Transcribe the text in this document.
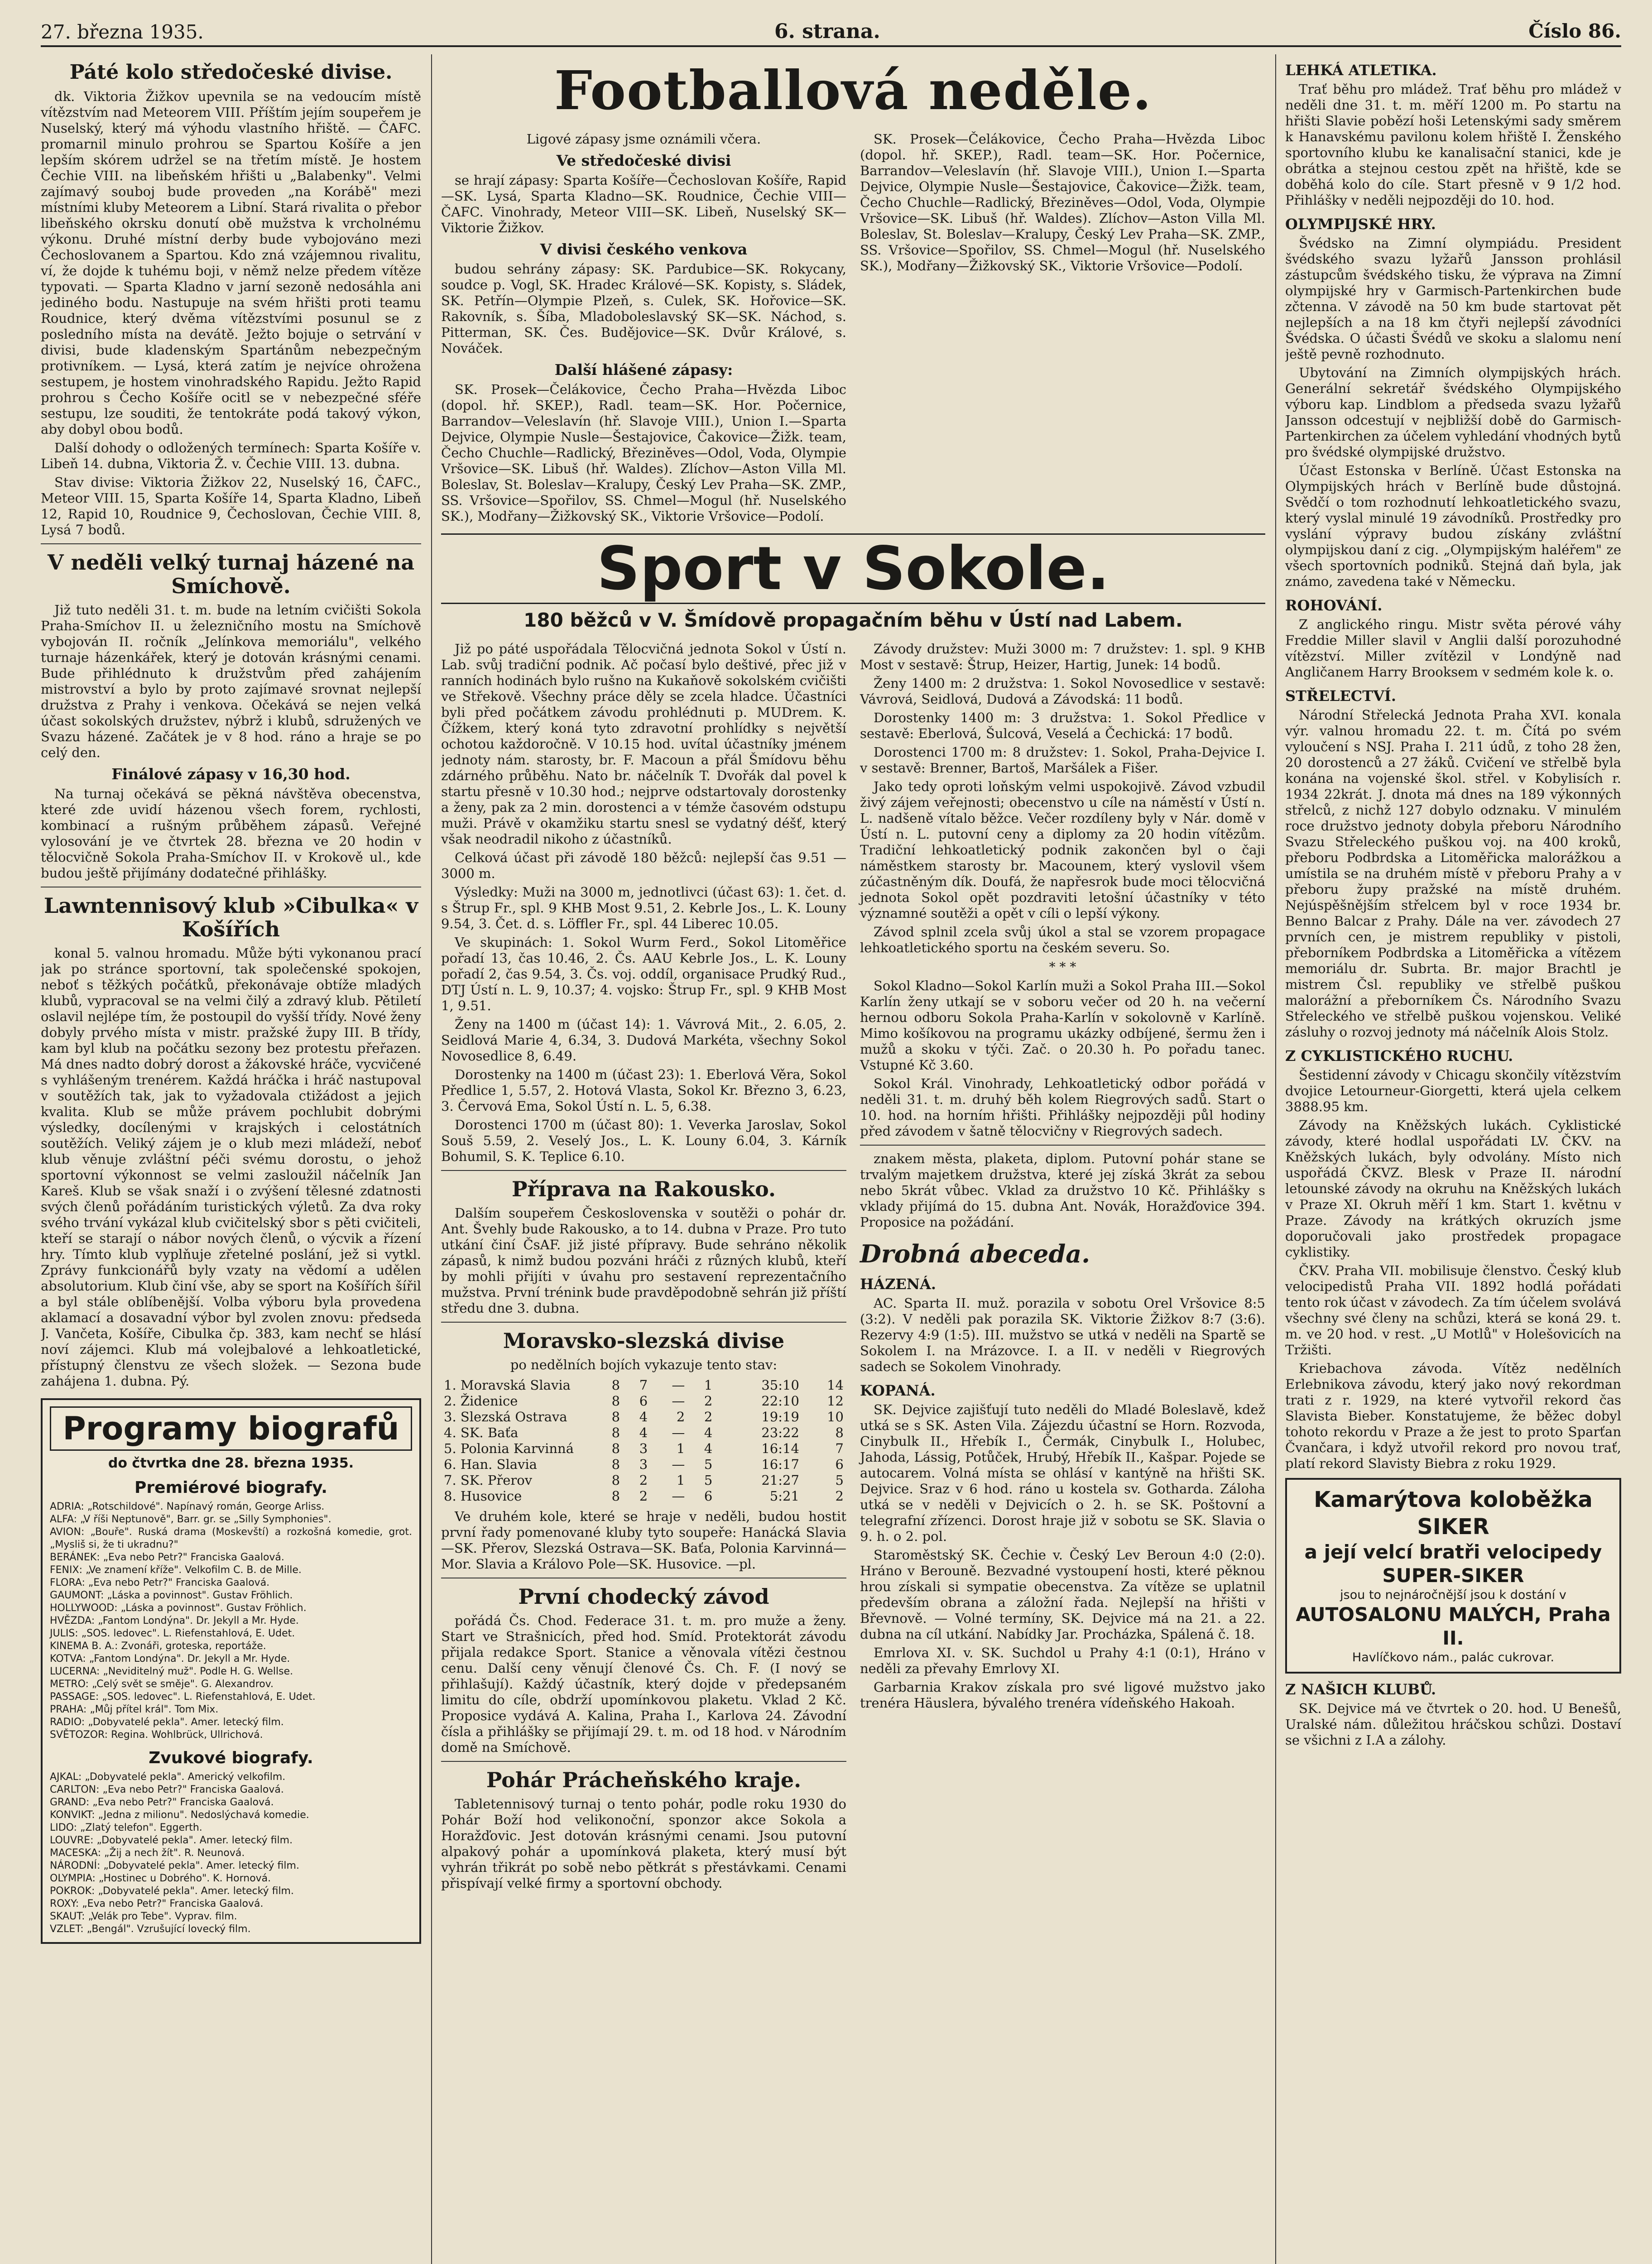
27. března 1935.	6. strana.	Číslo 86.
Páté kolo středočeské divise.

dk. Viktoria Žižkov upevnila se na vedoucím místě vítězstvím nad Meteorem VIII. Příštím jejím soupeřem je Nuselský, který má výhodu vlastního hřiště. — ČAFC. promarnil minulo prohrou se Spartou Košíře a jen lepším skórem udržel se na třetím místě. Je hostem Čechie VIII. na libeňském hřišti u „Balabenky". Velmi zajímavý souboj bude proveden „na Korábě" mezi místními kluby Meteorem a Libní. Stará rivalita o přebor libeňského okrsku donutí obě mužstva k vrcholnému výkonu. Druhé místní derby bude vybojováno mezi Čechoslovanem a Spartou. Kdo zná vzájemnou rivalitu, ví, že dojde k tuhému boji, v němž nelze předem vítěze typovati. — Sparta Kladno v jarní sezoně nedosáhla ani jediného bodu. Nastupuje na svém hřišti proti teamu Roudnice, který dvěma vítězstvími posunul se z posledního místa na devátě. Ježto bojuje o setrvání v divisi, bude kladenským Spartánům nebezpečným protivníkem. — Lysá, která zatím je nejvíce ohrožena sestupem, je hostem vinohradského Rapidu. Ježto Rapid prohrou s Čecho Košíře ocitl se v nebezpečné sféře sestupu, lze souditi, že tentokráte podá takový výkon, aby dobyl obou bodů.

Další dohody o odložených termínech: Sparta Košíře v. Libeň 14. dubna, Viktoria Ž. v. Čechie VIII. 13. dubna.

Stav divise: Viktoria Žižkov 22, Nuselský 16, ČAFC., Meteor VIII. 15, Sparta Košíře 14, Sparta Kladno, Libeň 12, Rapid 10, Roudnice 9, Čechoslovan, Čechie VIII. 8, Lysá 7 bodů.

V neděli velký turnaj házené na Smíchově.

Již tuto neděli 31. t. m. bude na letním cvičišti Sokola Praha-Smíchov II. u železničního mostu na Smíchově vybojován II. ročník „Jelínkova memoriálu", velkého turnaje házenkářek, který je dotován krásnými cenami. Bude přihlédnuto k družstvům před zahájením mistrovství a bylo by proto zajímavé srovnat nejlepší družstva z Prahy i venkova. Očekává se nejen velká účast sokolských družstev, nýbrž i klubů, sdružených ve Svazu házené. Začátek je v 8 hod. ráno a hraje se po celý den.

Finálové zápasy v 16,30 hod.

Na turnaj očekává se pěkná návštěva obecenstva, které zde uvidí házenou všech forem, rychlosti, kombinací a rušným průběhem zápasů. Veřejné vylosování je ve čtvrtek 28. března ve 20 hodin v tělocvičně Sokola Praha-Smíchov II. v Krokově ul., kde budou ještě přijímány dodatečné přihlášky.

Lawntennisový klub »Cibulka« v Košířích

konal 5. valnou hromadu. Může býti vykonanou prací jak po stránce sportovní, tak společenské spokojen, neboť s těžkých počátků, překonávaje obtíže mladých klubů, vypracoval se na velmi čilý a zdravý klub. Pětiletí oslavil nejlépe tím, že postoupil do vyšší třídy. Nové ženy dobyly prvého místa v mistr. pražské župy III. B třídy, kam byl klub na počátku sezony bez protestu přeřazen. Má dnes nadto dobrý dorost a žákovské hráče, vycvičené s vyhlášeným trenérem. Každá hráčka i hráč nastupoval v soutěžích tak, jak to vyžadovala ctižádost a jejich kvalita. Klub se může právem pochlubit dobrými výsledky, docílenými v krajských i celostátních soutěžích. Veliký zájem je o klub mezi mládeží, neboť klub věnuje zvláštní péči svému dorostu, o jehož sportovní výkonnost se velmi zasloužil náčelník Jan Kareš. Klub se však snaží i o zvýšení tělesné zdatnosti svých členů pořádáním turistických výletů. Za dva roky svého trvání vykázal klub cvičitelský sbor s pěti cvičiteli, kteří se starají o nábor nových členů, o výcvik a řízení hry. Tímto klub vyplňuje zřetelné poslání, jež si vytkl. Zprávy funkcionářů byly vzaty na vědomí a udělen absolutorium. Klub činí vše, aby se sport na Košířích šířil a byl stále oblíbenější. Volba výboru byla provedena aklamací a dosavadní výbor byl zvolen znovu: předseda J. Vančeta, Košíře, Cibulka čp. 383, kam nechť se hlásí noví zájemci. Klub má volejbalové a lehkoatletické, přístupný členstvu ze všech složek. — Sezona bude zahájena 1. dubna. Pý.

Programy biografů
do čtvrtka dne 28. března 1935.
Premiérové biografy.

ADRIA: „Rotschildové". Napínavý román, George Arliss.

ALFA: „V říši Neptunově", Barr. gr. se „Silly Symphonies".

AVION: „Bouře". Ruská drama (Moskevští) a rozkošná komedie, grot. „Mysliš si, že ti ukradnu?"

BERÁNEK: „Eva nebo Petr?" Franciska Gaalová.

FENIX: „Ve znamení kříže". Velkofilm C. B. de Mille.

FLORA: „Eva nebo Petr?" Franciska Gaalová.

GAUMONT: „Láska a povinnost". Gustav Fröhlich.

HOLLYWOOD: „Láska a povinnost". Gustav Fröhlich.

HVĚZDA: „Fantom Londýna". Dr. Jekyll a Mr. Hyde.

JULIS: „SOS. ledovec". L. Riefenstahlová, E. Udet.

KINEMA B. A.: Zvonáři, groteska, reportáže.

KOTVA: „Fantom Londýna". Dr. Jekyll a Mr. Hyde.

LUCERNA: „Neviditelný muž". Podle H. G. Wellse.

METRO: „Celý svět se směje". G. Alexandrov.

PASSAGE: „SOS. ledovec". L. Riefenstahlová, E. Udet.

PRAHA: „Můj přítel král". Tom Mix.

RADIO: „Dobyvatelé pekla". Amer. letecký film.

SVĚTOZOR: Regina. Wohlbrück, Ullrichová.

Zvukové biografy.

AJKAL: „Dobyvatelé pekla". Americký velkofilm.

CARLTON: „Eva nebo Petr?" Franciska Gaalová.

GRAND: „Eva nebo Petr?" Franciska Gaalová.

KONVIKT: „Jedna z milionu". Nedoslýchavá komedie.

LIDO: „Zlatý telefon". Eggerth.

LOUVRE: „Dobyvatelé pekla". Amer. letecký film.

MACESKA: „Žij a nech žít". R. Neunová.

NÁRODNÍ: „Dobyvatelé pekla". Amer. letecký film.

OLYMPIA: „Hostinec u Dobrého". K. Hornová.

POKROK: „Dobyvatelé pekla". Amer. letecký film.

ROXY: „Eva nebo Petr?" Franciska Gaalová.

SKAUT: „Velák pro Tebe". Vyprav. film.

VZLET: „Bengál". Vzrušující lovecký film.

Footballová neděle.

Ligové zápasy jsme oznámili včera.

Ve středočeské divisi

se hrají zápasy: Sparta Košíře—Čechoslovan Košíře, Rapid—SK. Lysá, Sparta Kladno—SK. Roudnice, Čechie VIII—ČAFC. Vinohrady, Meteor VIII—SK. Libeň, Nuselský SK—Viktorie Žižkov.

V divisi českého venkova

budou sehrány zápasy: SK. Pardubice—SK. Rokycany, soudce p. Vogl, SK. Hradec Králové—SK. Kopisty, s. Sládek, SK. Petřín—Olympie Plzeň, s. Culek, SK. Hořovice—SK. Rakovník, s. Šíba, Mladoboleslavský SK—SK. Náchod, s. Pitterman, SK. Čes. Budějovice—SK. Dvůr Králové, s. Nováček.

Další hlášené zápasy:

SK. Prosek—Čelákovice, Čecho Praha—Hvězda Liboc (dopol. hř. SKEP.), Radl. team—SK. Hor. Počernice, Barrandov—Veleslavín (hř. Slavoje VIII.), Union I.—Sparta Dejvice, Olympie Nusle—Šestajovice, Čakovice—Žižk. team, Čecho Chuchle—Radlický, Březiněves—Odol, Voda, Olympie Vršovice—SK. Libuš (hř. Waldes). Zlíchov—Aston Villa Ml. Boleslav, St. Boleslav—Kralupy, Český Lev Praha—SK. ZMP., SS. Vršovice—Spořilov, SS. Chmel—Mogul (hř. Nuselského SK.), Modřany—Žižkovský SK., Viktorie Vršovice—Podolí.

SK. Prosek—Čelákovice, Čecho Praha—Hvězda Liboc (dopol. hř. SKEP.), Radl. team—SK. Hor. Počernice, Barrandov—Veleslavín (hř. Slavoje VIII.), Union I.—Sparta Dejvice, Olympie Nusle—Šestajovice, Čakovice—Žižk. team, Čecho Chuchle—Radlický, Březiněves—Odol, Voda, Olympie Vršovice—SK. Libuš (hř. Waldes). Zlíchov—Aston Villa Ml. Boleslav, St. Boleslav—Kralupy, Český Lev Praha—SK. ZMP., SS. Vršovice—Spořilov, SS. Chmel—Mogul (hř. Nuselského SK.), Modřany—Žižkovský SK., Viktorie Vršovice—Podolí.

Sport v Sokole.
180 běžců v V. Šmídově propagačním běhu v Ústí nad Labem.

Již po páté uspořádala Tělocvičná jednota Sokol v Ústí n. Lab. svůj tradiční podnik. Ač počasí bylo deštivé, přec již v ranních hodinách bylo rušno na Kukaňově sokolském cvičišti ve Střekově. Všechny práce děly se zcela hladce. Účastníci byli před počátkem závodu prohlédnuti p. MUDrem. K. Čížkem, který koná tyto zdravotní prohlídky s největší ochotou každoročně. V 10.15 hod. uvítal účastníky jménem jednoty nám. starosty, br. F. Macoun a přál Šmídovu běhu zdárného průběhu. Nato br. náčelník T. Dvořák dal povel k startu přesně v 10.30 hod.; nejprve odstartovaly dorostenky a ženy, pak za 2 min. dorostenci a v témže časovém odstupu muži. Právě v okamžiku startu snesl se vydatný déšť, který však neodradil nikoho z účastníků.

Celková účast při závodě 180 běžců: nejlepší čas 9.51 — 3000 m.

Výsledky: Muži na 3000 m, jednotlivci (účast 63): 1. čet. d. s Štrup Fr., spl. 9 KHB Most 9.51, 2. Kebrle Jos., L. K. Louny 9.54, 3. Čet. d. s. Löffler Fr., spl. 44 Liberec 10.05.

Ve skupinách: 1. Sokol Wurm Ferd., Sokol Litoměřice pořadí 13, čas 10.46, 2. Čs. AAU Kebrle Jos., L. K. Louny pořadí 2, čas 9.54, 3. Čs. voj. oddíl, organisace Prudký Rud., DTJ Ústí n. L. 9, 10.37; 4. vojsko: Štrup Fr., spl. 9 KHB Most 1, 9.51.

Ženy na 1400 m (účast 14): 1. Vávrová Mit., 2. 6.05, 2. Seidlová Marie 4, 6.34, 3. Dudová Markéta, všechny Sokol Novosedlice 8, 6.49.

Dorostenky na 1400 m (účast 23): 1. Eberlová Věra, Sokol Předlice 1, 5.57, 2. Hotová Vlasta, Sokol Kr. Březno 3, 6.23, 3. Červová Ema, Sokol Ústí n. L. 5, 6.38.

Dorostenci 1700 m (účast 80): 1. Veverka Jaroslav, Sokol Souš 5.59, 2. Veselý Jos., L. K. Louny 6.04, 3. Kárník Bohumil, S. K. Teplice 6.10.

Příprava na Rakousko.

Dalším soupeřem Československa v soutěži o pohár dr. Ant. Švehly bude Rakousko, a to 14. dubna v Praze. Pro tuto utkání činí ČsAF. již jisté přípravy. Bude sehráno několik zápasů, k nimž budou pozváni hráči z různých klubů, kteří by mohli přijíti v úvahu pro sestavení reprezentačního mužstva. První trénink bude pravděpodobně sehrán již příští středu dne 3. dubna.

Moravsko-slezská divise

po nedělních bojích vykazuje tento stav:

1. Moravská Slavia	8	7	—	1	35:10	14
2. Židenice	8	6	—	2	22:10	12
3. Slezská Ostrava	8	4	2	2	19:19	10
4. SK. Baťa	8	4	—	4	23:22	8
5. Polonia Karvinná	8	3	1	4	16:14	7
6. Han. Slavia	8	3	—	5	16:17	6
7. SK. Přerov	8	2	1	5	21:27	5
8. Husovice	8	2	—	6	5:21	2

Ve druhém kole, které se hraje v neděli, budou hostit první řady pomenované kluby tyto soupeře: Hanácká Slavia—SK. Přerov, Slezská Ostrava—SK. Baťa, Polonia Karvinná—Mor. Slavia a Královo Pole—SK. Husovice. —pl.

První chodecký závod

pořádá Čs. Chod. Federace 31. t. m. pro muže a ženy. Start ve Strašnicích, před hod. Smíd. Protektorát závodu přijala redakce Sport. Stanice a věnovala vítězi čestnou cenu. Další ceny věnují členové Čs. Ch. F. (I nový se přihlašují). Každý účastník, který dojde v předepsaném limitu do cíle, obdrží upomínkovou plaketu. Vklad 2 Kč. Proposice vydává A. Kalina, Praha I., Karlova 24. Závodní čísla a přihlášky se přijímají 29. t. m. od 18 hod. v Národním domě na Smíchově.

Pohár Prácheňského kraje.

Tabletennisový turnaj o tento pohár, podle roku 1930 do Pohár Boží hod velikonoční, sponzor akce Sokola a Horažďovic. Jest dotován krásnými cenami. Jsou putovní alpakový pohár a upomínková plaketa, který musí být vyhrán třikrát po sobě nebo pětkrát s přestávkami. Cenami přispívají velké firmy a sportovní obchody.

Závody družstev: Muži 3000 m: 7 družstev: 1. spl. 9 KHB Most v sestavě: Štrup, Heizer, Hartig, Junek: 14 bodů.

Ženy 1400 m: 2 družstva: 1. Sokol Novosedlice v sestavě: Vávrová, Seidlová, Dudová a Závodská: 11 bodů.

Dorostenky 1400 m: 3 družstva: 1. Sokol Předlice v sestavě: Eberlová, Šulcová, Veselá a Čechická: 17 bodů.

Dorostenci 1700 m: 8 družstev: 1. Sokol, Praha-Dejvice I. v sestavě: Brenner, Bartoš, Maršálek a Fišer.

Jako tedy oproti loňským velmi uspokojivě. Závod vzbudil živý zájem veřejnosti; obecenstvo u cíle na náměstí v Ústí n. L. nadšeně vítalo běžce. Večer rozdíleny byly v Nár. domě v Ústí n. L. putovní ceny a diplomy za 20 hodin vítězům. Tradiční lehkoatletický podnik zakončen byl o čaji náměstkem starosty br. Macounem, který vyslovil všem zúčastněným dík. Doufá, že napřesrok bude moci tělocvičná jednota Sokol opět pozdraviti letošní účastníky v této významné soutěži a opět v cíli o lepší výkony.

Závod splnil zcela svůj úkol a stal se vzorem propagace lehkoatletického sportu na českém severu. So.

* * *

Sokol Kladno—Sokol Karlín muži a Sokol Praha III.—Sokol Karlín ženy utkají se v soboru večer od 20 h. na večerní hernou odboru Sokola Praha-Karlín v sokolovně v Karlíně. Mimo košíkovou na programu ukázky odbíjené, šermu žen i mužů a skoku v týči. Zač. o 20.30 h. Po pořadu tanec. Vstupné Kč 3.60.

Sokol Král. Vinohrady, Lehkoatletický odbor pořádá v neděli 31. t. m. druhý běh kolem Riegrových sadů. Start o 10. hod. na horním hřišti. Přihlášky nejpozději půl hodiny před závodem v šatně tělocvičny v Riegrových sadech.

znakem města, plaketa, diplom. Putovní pohár stane se trvalým majetkem družstva, které jej získá 3krát za sebou nebo 5krát vůbec. Vklad za družstvo 10 Kč. Přihlášky s vklady přijímá do 15. dubna Ant. Novák, Horažďovice 394. Proposice na požádání.

Drobná abeceda.
HÁZENÁ.

AC. Sparta II. muž. porazila v sobotu Orel Vršovice 8:5 (3:2). V neděli pak porazila SK. Viktorie Žižkov 8:7 (3:6). Rezervy 4:9 (1:5). III. mužstvo se utká v neděli na Spartě se Sokolem I. na Mrázovce. I. a II. v neděli v Riegrových sadech se Sokolem Vinohrady.

KOPANÁ.

SK. Dejvice zajišťují tuto neděli do Mladé Boleslavě, kdež utká se s SK. Asten Vila. Zájezdu účastní se Horn. Rozvoda, Cinybulk II., Hřebík I., Čermák, Cinybulk I., Holubec, Jahoda, Lássig, Potůček, Hrubý, Hřebík II., Kašpar. Pojede se autocarem. Volná místa se ohlásí v kantýně na hřišti SK. Dejvice. Sraz v 6 hod. ráno u kostela sv. Gotharda. Záloha utká se v neděli v Dejvicích o 2. h. se SK. Poštovní a telegrafní zřízenci. Dorost hraje již v sobotu se SK. Slavia o 9. h. o 2. pol.

Staroměstský SK. Čechie v. Český Lev Beroun 4:0 (2:0). Hráno v Berouně. Bezvadné vystoupení hosti, které pěknou hrou získali si sympatie obecenstva. Za vítěze se uplatnil především obrana a záložní řada. Nejlepší na hřišti v Břevnově. — Volné termíny, SK. Dejvice má na 21. a 22. dubna na cíl utkání. Nabídky Jar. Procházka, Spálená č. 18.

Emrlova XI. v. SK. Suchdol u Prahy 4:1 (0:1), Hráno v neděli za převahy Emrlovy XI.

Garbarnia Krakov získala pro své ligové mužstvo jako trenéra Häuslera, bývalého trenéra vídeňského Hakoah.

LEHKÁ ATLETIKA.

Trať běhu pro mládež. Trať běhu pro mládež v neděli dne 31. t. m. měří 1200 m. Po startu na hřišti Slavie pobězí hoši Letenskými sady směrem k Hanavskému pavilonu kolem hřiště I. Ženského sportovního klubu ke kanalisační stanici, kde je obrátka a stejnou cestou zpět na hřiště, kde se doběhá kolo do cíle. Start přesně v 9 1/2 hod. Přihlášky v neděli nejpozději do 10. hod.

OLYMPIJSKÉ HRY.

Švédsko na Zimní olympiádu. President švédského svazu lyžařů Jansson prohlásil zástupcům švédského tisku, že výprava na Zimní olympijské hry v Garmisch-Partenkirchen bude zčtenna. V závodě na 50 km bude startovat pět nejlepších a na 18 km čtyři nejlepší závodníci Švédska. O účasti Švédů ve skoku a slalomu není ještě pevně rozhodnuto.

Ubytování na Zimních olympijských hrách. Generální sekretář švédského Olympijského výboru kap. Lindblom a předseda svazu lyžařů Jansson odcestují v nejbližší době do Garmisch-Partenkirchen za účelem vyhledání vhodných bytů pro švédské olympijské družstvo.

Účast Estonska v Berlíně. Účast Estonska na Olympijských hrách v Berlíně bude důstojná. Svědčí o tom rozhodnutí lehkoatletického svazu, který vyslal minulé 19 závodníků. Prostředky pro vyslání výpravy budou získány zvláštní olympijskou daní z cig. „Olympijským haléřem" ze všech sportovních podniků. Stejná daň byla, jak známo, zavedena také v Německu.

ROHOVÁNÍ.

Z anglického ringu. Mistr světa pérové váhy Freddie Miller slavil v Anglii další porozuhodné vítězství. Miller zvítězil v Londýně nad Angličanem Harry Brooksem v sedmém kole k. o.

STŘELECTVÍ.

Národní Střelecká Jednota Praha XVI. konala výr. valnou hromadu 22. t. m. Čítá po svém vyloučení s NSJ. Praha I. 211 údů, z toho 28 žen, 20 dorostenců a 27 žáků. Cvičení ve střelbě byla konána na vojenské škol. střel. v Kobylisích r. 1934 22krát. J. dnota má dnes na 189 výkonných střelců, z nichž 127 dobylo odznaku. V minulém roce družstvo jednoty dobyla přeboru Národního Svazu Střeleckého puškou voj. na 400 kroků, přeboru Podbrdska a Litoměřicka malorážkou a umístila se na druhém místě v přeboru Prahy a v přeboru župy pražské na místě druhém. Nejúspěšnějším střelcem byl v roce 1934 br. Benno Balcar z Prahy. Dále na ver. závodech 27 prvních cen, je mistrem republiky v pistoli, přeborníkem Podbrdska a Litoměřicka a vítězem memoriálu dr. Subrta. Br. major Brachtl je mistrem Čsl. republiky ve střelbě puškou malorážní a přeborníkem Čs. Národního Svazu Střeleckého ve střelbě puškou vojenskou. Veliké zásluhy o rozvoj jednoty má náčelník Alois Stolz.

Z CYKLISTICKÉHO RUCHU.

Šestidenní závody v Chicagu skončily vítězstvím dvojice Letourneur-Giorgetti, která ujela celkem 3888.95 km.

Závody na Kněžských lukách. Cyklistické závody, které hodlal uspořádati LV. ČKV. na Kněžských lukách, byly odvolány. Místo nich uspořádá ČKVZ. Blesk v Praze II. národní letounské závody na okruhu na Kněžských lukách v Praze XI. Okruh měří 1 km. Start 1. květnu v Praze. Závody na krátkých okruzích jsme doporučovali jako prostředek propagace cyklistiky.

ČKV. Praha VII. mobilisuje členstvo. Český klub velocipedistů Praha VII. 1892 hodlá pořádati tento rok účast v závodech. Za tím účelem svolává všechny své členy na schůzi, která se koná 29. t. m. ve 20 hod. v rest. „U Motlů" v Holešovicích na Tržišti.

Kriebachova závoda. Vítěz nedělních Erlebnikova závodu, který jako nový rekordman trati z r. 1929, na které vytvořil rekord čas Slavista Bieber. Konstatujeme, že běžec dobyl tohoto rekordu v Praze a že jest to proto Sparťan Čvančara, i když utvořil rekord pro novou trať, platí rekord Slavisty Biebra z roku 1929.

Kamarýtova koloběžka SIKER
a její velcí bratři velocipedy SUPER-SIKER
jsou to nejnáročnější jsou k dostání v
AUTOSALONU MALÝCH, Praha II.
Havlíčkovo nám., palác cukrovar.
Z NAŠICH KLUBŮ.

SK. Dejvice má ve čtvrtek o 20. hod. U Benešů, Uralské nám. důležitou hráčskou schůzi. Dostaví se všichni z I.A a zálohy.
